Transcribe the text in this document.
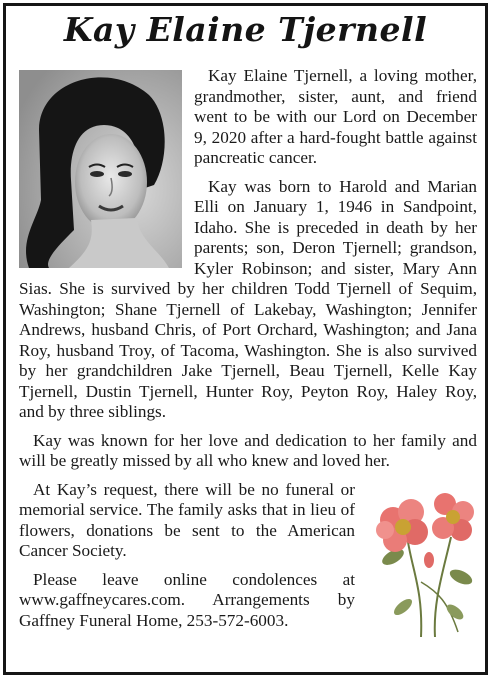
Kay Elaine Tjernell

Kay Elaine Tjernell, a loving mother, grandmother, sister, aunt, and friend went to be with our Lord on December 9, 2020 after a hard-fought battle against pancreatic cancer.

Kay was born to Harold and Marian Elli on January 1, 1946 in Sandpoint, Idaho. She is preceded in death by her parents; son, Deron Tjernell; grandson, Kyler Robinson; and sister, Mary Ann Sias. She is survived by her children Todd Tjernell of Sequim, Washington; Shane Tjernell of Lakebay, Washington; Jennifer Andrews, husband Chris, of Port Orchard, Washington; and Jana Roy, husband Troy, of Tacoma, Washington. She is also survived by her grandchildren Jake Tjernell, Beau Tjernell, Kelle Kay Tjernell, Dustin Tjernell, Hunter Roy, Peyton Roy, Haley Roy, and by three siblings.

Kay was known for her love and dedication to her family and will be greatly missed by all who knew and loved her.

At Kay’s request, there will be no funeral or memorial service. The family asks that in lieu of flowers, donations be sent to the American Cancer Society.

Please leave online condolences at www.gaffneycares.com. Arrangements by Gaffney Funeral Home, 253-572-6003.
